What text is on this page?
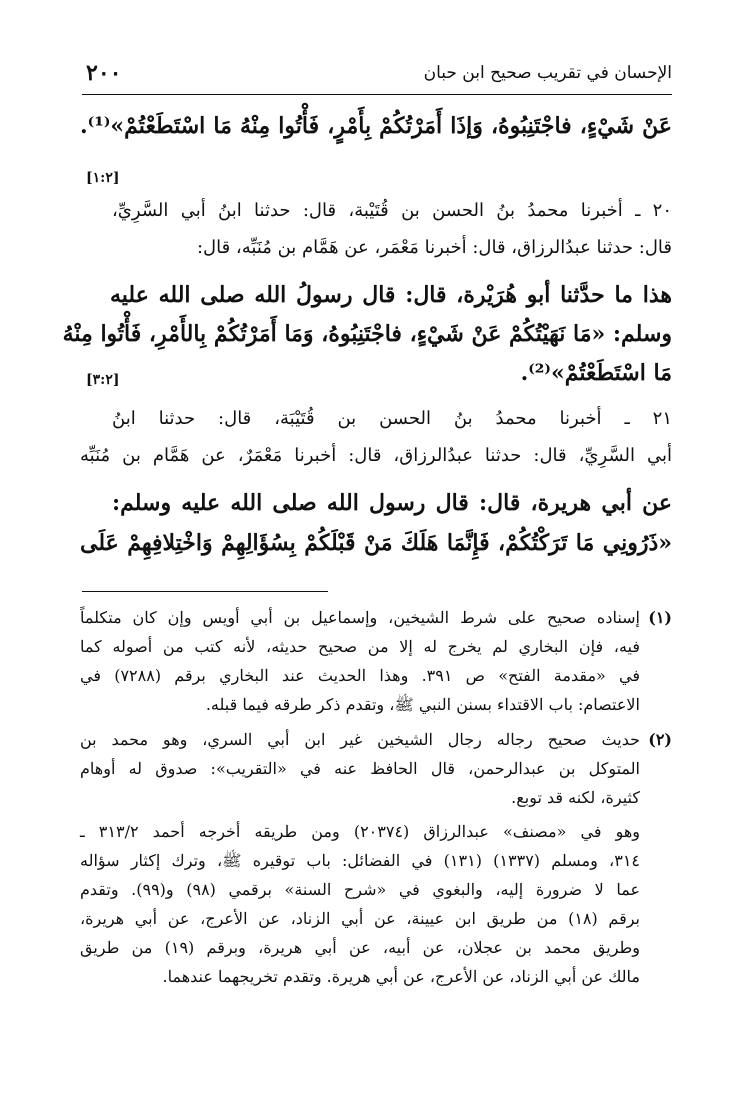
٢٠٠	الإحسان في تقريب صحيح ابن حبان
عَنْ شَيْءٍ، فاجْتَنِبُوهُ، وَإذَا أَمَرْتُكُمْ بِأَمْرٍ، فَأْتُوا مِنْهُ مَا اسْتَطَعْتُمْ»⁽¹⁾.
[١:٢]
٢٠ ـ أخبرنا محمدُ بنُ الحسن بن قُتَيْبة، قال: حدثنا ابنُ أبي السَّرِيِّ،
قال: حدثنا عبدُالرزاق، قال: أخبرنا مَعْمَر، عن هَمَّام بن مُنَبِّه، قال:
هذا ما حدَّثنا أبو هُرَيْرة، قال: قال رسولُ الله صلى الله عليه
وسلم: «مَا نَهَيْتُكُمْ عَنْ شَيْءٍ، فاجْتَنِبُوهُ، وَمَا أَمَرْتُكُمْ بِالأَمْرِ، فَأْتُوا مِنْهُ
مَا اسْتَطَعْتُمْ»⁽²⁾.
[٣:٢]
٢١ ـ أخبرنا محمدُ بنُ الحسن بن قُتَيْبَة، قال: حدثنا ابنُ
أبي السَّرِيِّ، قال: حدثنا عبدُالرزاق، قال: أخبرنا مَعْمَرٌ، عن هَمَّام بن مُنَبِّه
عن أبي هريرة، قال: قال رسول الله صلى الله عليه وسلم:
«ذَرُونِي مَا تَرَكْتُكُمْ، فَإِنَّمَا هَلَكَ مَنْ قَبْلَكُمْ بِسُؤَالِهِمْ وَاخْتِلافِهِمْ عَلَى
(١)
إسناده صحيح على شرط الشيخين، وإسماعيل بن أبي أويس وإن كان متكلماً
فيه، فإن البخاري لم يخرج له إلا من صحيح حديثه، لأنه كتب من أصوله كما
في «مقدمة الفتح» ص ٣٩١. وهذا الحديث عند البخاري برقم (٧٢٨٨) في
الاعتصام: باب الاقتداء بسنن النبي ﷺ، وتقدم ذكر طرقه فيما قبله.
(٢)
حديث صحيح رجاله رجال الشيخين غير ابن أبي السري، وهو محمد بن
المتوكل بن عبدالرحمن، قال الحافظ عنه في «التقريب»: صدوق له أوهام
كثيرة، لكنه قد توبع.
وهو في «مصنف» عبدالرزاق (٢٠٣٧٤) ومن طريقه أخرجه أحمد ٣١٣/٢ ـ
٣١٤، ومسلم (١٣٣٧) (١٣١) في الفضائل: باب توقيره ﷺ، وترك إكثار سؤاله
عما لا ضرورة إليه، والبغوي في «شرح السنة» برقمي (٩٨) و(٩٩). وتقدم
برقم (١٨) من طريق ابن عيينة، عن أبي الزناد، عن الأعرج، عن أبي هريرة،
وطريق محمد بن عجلان، عن أبيه، عن أبي هريرة، وبرقم (١٩) من طريق
مالك عن أبي الزناد، عن الأعرج، عن أبي هريرة. وتقدم تخريجهما عندهما.
